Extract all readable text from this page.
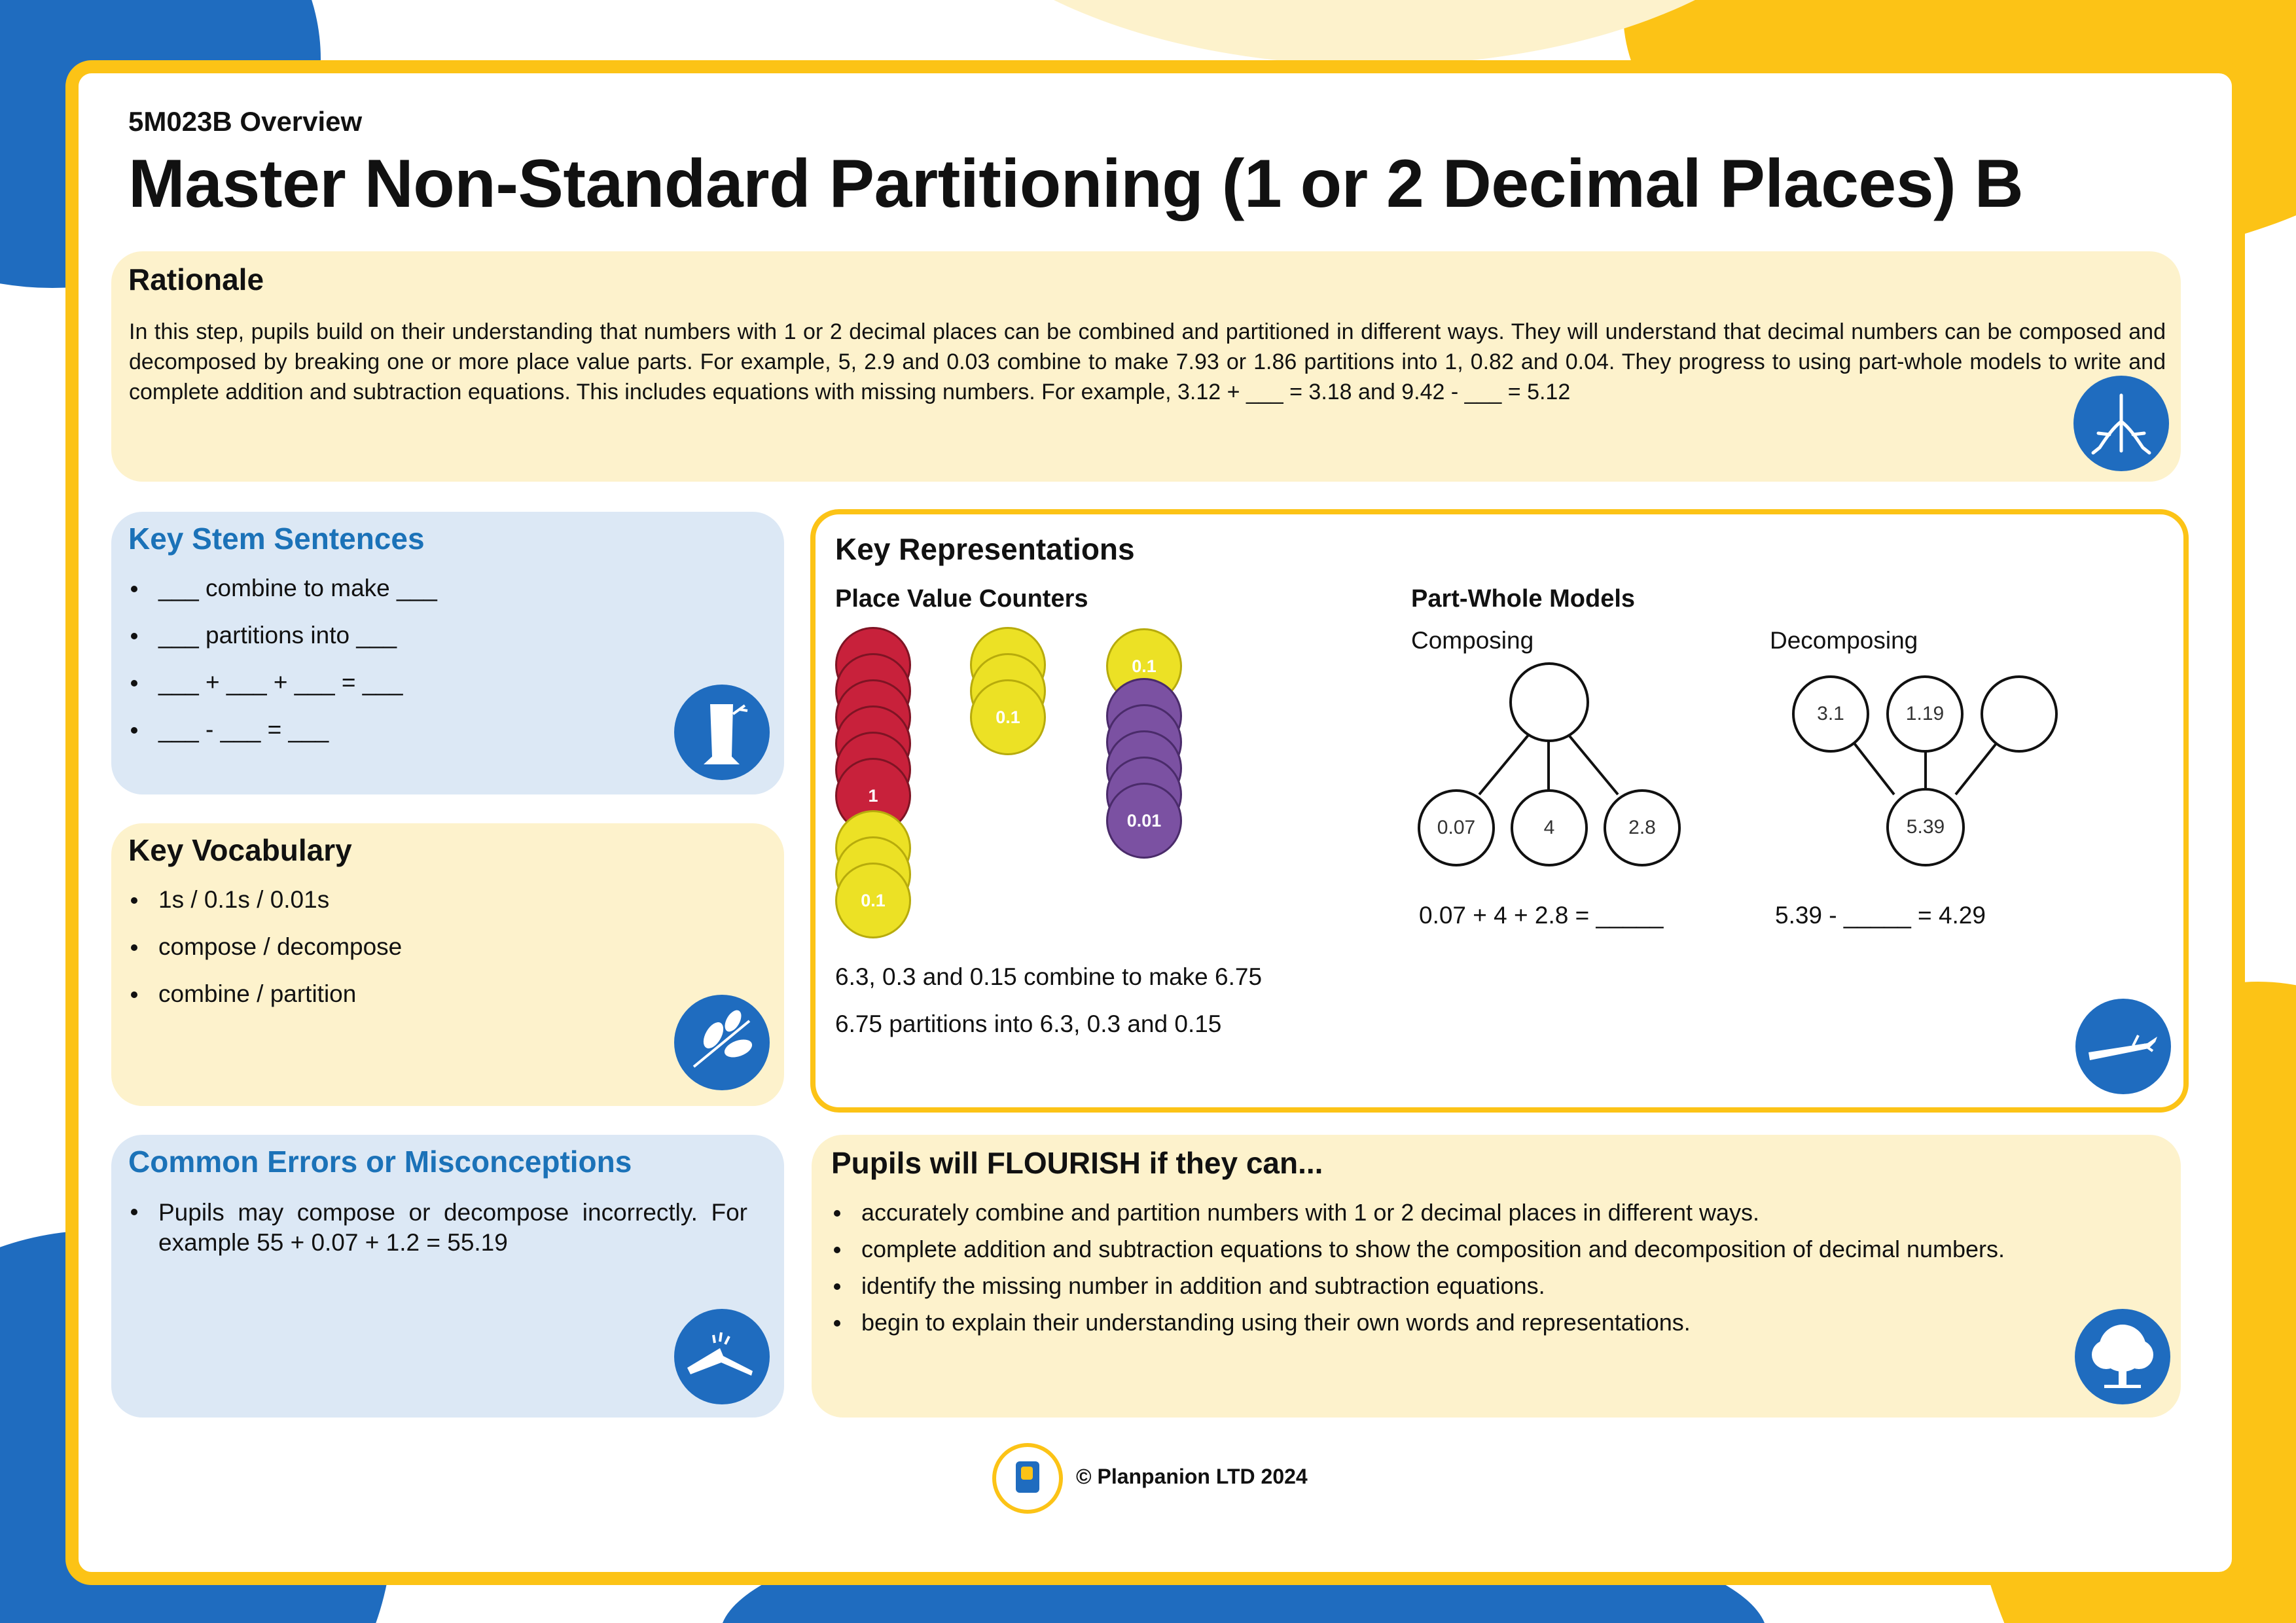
5M023B Overview
Master Non-Standard Partitioning (1 or 2 Decimal Places) B
Rationale
In this step, pupils build on their understanding that numbers with 1 or 2 decimal places can be combined and partitioned in different ways. They will understand that decimal numbers can be composed and decomposed by breaking one or more place value parts. For example, 5, 2.9 and 0.03 combine to make 7.93 or 1.86 partitions into 1, 0.82 and 0.04. They progress to using part-whole models to write and complete addition and subtraction equations. This includes equations with missing numbers. For example, 3.12 + ___ = 3.18 and 9.42 - ___ = 5.12
Key Stem Sentences
___ combine to make ___
___ partitions into ___
___ + ___ + ___ = ___
___ - ___ = ___
Key Vocabulary
1s / 0.1s / 0.01s
compose / decompose
combine / partition
Common Errors or Misconceptions
Pupils may compose or decompose incorrectly. For example 55 + 0.07 + 1.2 = 55.19
Key Representations
Place Value Counters
1
0.1
0.1
0.1
0.01
6.3, 0.3 and 0.15 combine to make 6.75
6.75 partitions into 6.3, 0.3 and 0.15
Part-Whole Models
Composing	Decomposing
0.07	4	2.8
0.07 + 4 + 2.8 = _____
3.1	1.19
5.39
5.39 - _____ = 4.29
Pupils will FLOURISH if they can...
accurately combine and partition numbers with 1 or 2 decimal places in different ways.
complete addition and subtraction equations to show the composition and decomposition of decimal numbers.
identify the missing number in addition and subtraction equations.
begin to explain their understanding using their own words and representations.
© Planpanion LTD 2024
